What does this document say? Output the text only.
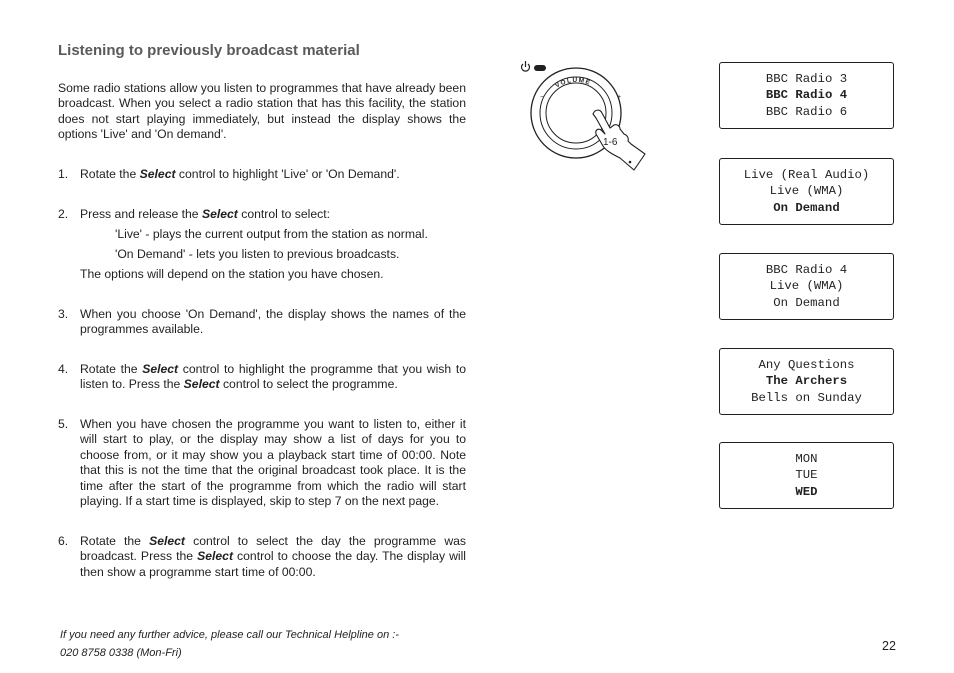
Listening to previously broadcast material
Some radio stations allow you listen to programmes that have already been broadcast. When you select a radio station that has this facility, the station does not start playing immediately, but instead the display shows the options 'Live' and 'On demand'.
1. Rotate the Select control to highlight 'Live' or 'On Demand'.
2. Press and release the Select control to select:
'Live' - plays the current output from the station as normal.
'On Demand' - lets you listen to previous broadcasts.
The options will depend on the station you have chosen.
3. When you choose 'On Demand', the display shows the names of the programmes available.
4. Rotate the Select control to highlight the programme that you wish to listen to. Press the Select control to select the programme.
5. When you have chosen the programme you want to listen to, either it will start to play, or the display may show a list of days for you to choose from, or it may show you a playback start time of 00:00. Note that this is not the time that the original broadcast took place. It is the time after the start of the programme from which the radio will start playing. If a start time is displayed, skip to step 7 on the next page.
6. Rotate the Select control to select the day the programme was broadcast. Press the Select control to choose the day. The display will then show a programme start time of 00:00.
If you need any further advice, please call our Technical Helpline on :-
020 8758 0338 (Mon-Fri)	22
VOLUME
−	+
1-6
BBC Radio 3
BBC Radio 4
BBC Radio 6
Live (Real Audio)
Live (WMA)
On Demand
BBC Radio 4
Live (WMA)
On Demand
Any Questions
The Archers
Bells on Sunday
MON
TUE
WED
